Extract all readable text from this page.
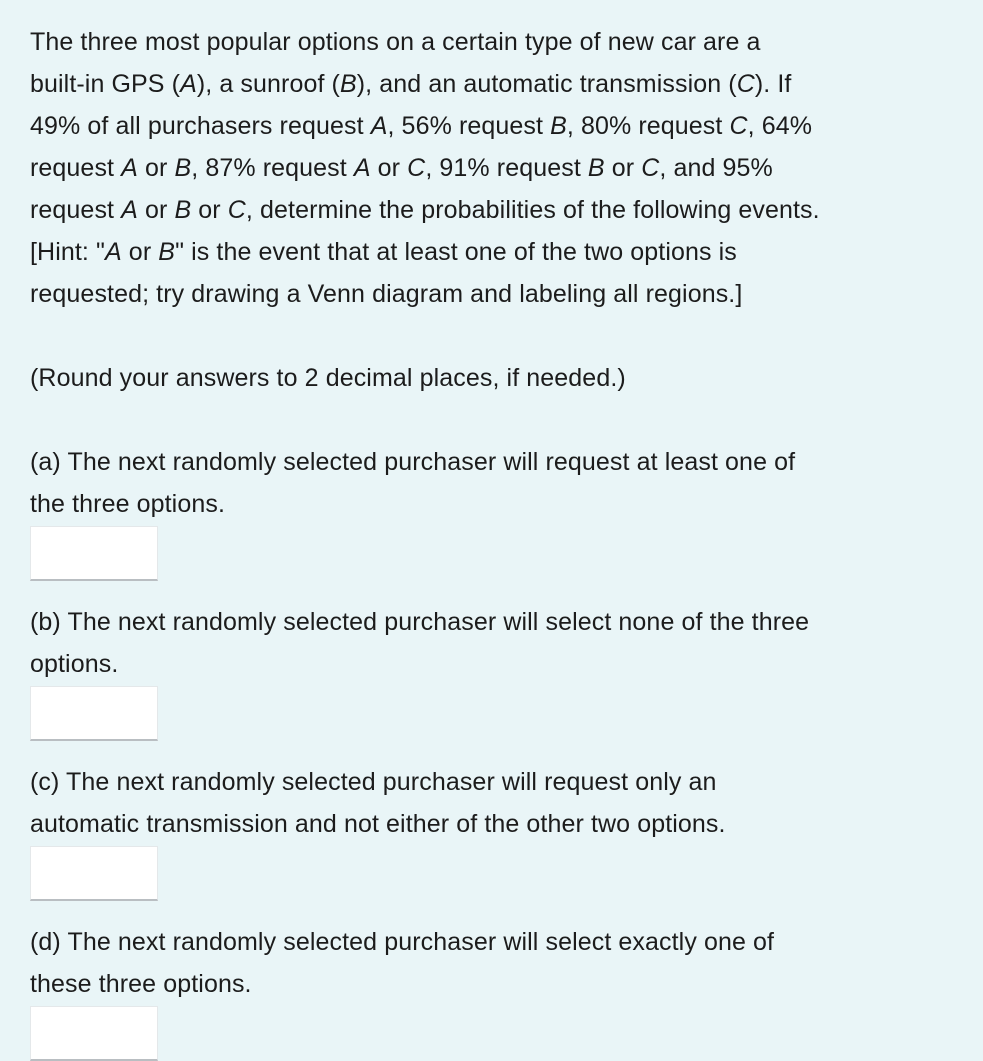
The three most popular options on a certain type of new car are a

built-in GPS (A), a sunroof (B), and an automatic transmission (C). If

49% of all purchasers request A, 56% request B, 80% request C, 64%

request A or B, 87% request A or C, 91% request B or C, and 95%

request A or B or C, determine the probabilities of the following events.

[Hint: "A or B" is the event that at least one of the two options is

requested; try drawing a Venn diagram and labeling all regions.]

(Round your answers to 2 decimal places, if needed.)

(a) The next randomly selected purchaser will request at least one of

the three options.

(b) The next randomly selected purchaser will select none of the three

options.

(c) The next randomly selected purchaser will request only an

automatic transmission and not either of the other two options.

(d) The next randomly selected purchaser will select exactly one of

these three options.
